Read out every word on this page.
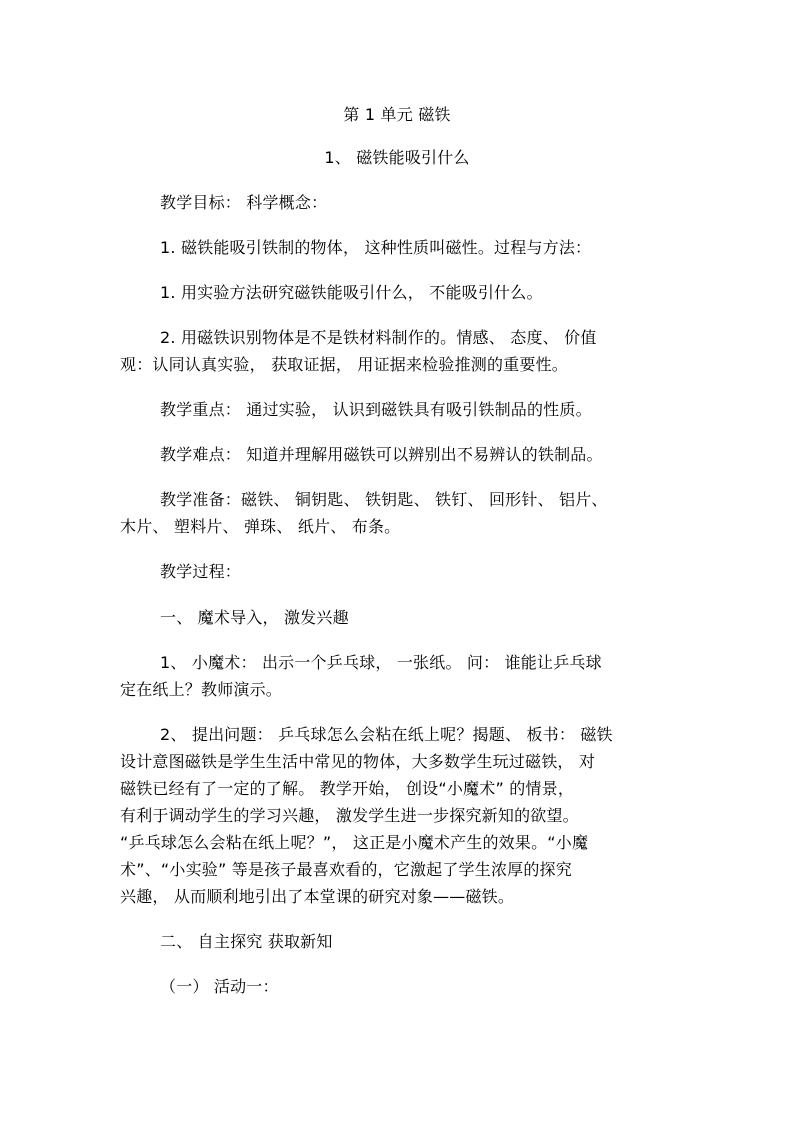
第 1 单元 磁铁
1、 磁铁能吸引什么
教学目标： 科学概念：
1. 磁铁能吸引铁制的物体， 这种性质叫磁性。过程与方法：
1. 用实验方法研究磁铁能吸引什么， 不能吸引什么。
2. 用磁铁识别物体是不是铁材料制作的。情感、 态度、 价值
观：认同认真实验， 获取证据， 用证据来检验推测的重要性。
教学重点： 通过实验， 认识到磁铁具有吸引铁制品的性质。
教学难点： 知道并理解用磁铁可以辨别出不易辨认的铁制品。
教学准备：磁铁、 铜钥匙、 铁钥匙、 铁钉、 回形针、 铝片、
木片、 塑料片、 弹珠、 纸片、 布条。
教学过程：
一、 魔术导入， 激发兴趣
1、 小魔术： 出示一个乒乓球， 一张纸。 问： 谁能让乒乓球
定在纸上？教师演示。
2、 提出问题： 乒乓球怎么会粘在纸上呢？揭题、 板书： 磁铁
设计意图磁铁是学生生活中常见的物体，大多数学生玩过磁铁， 对
磁铁已经有了一定的了解。 教学开始， 创设“小魔术” 的情景，
有利于调动学生的学习兴趣， 激发学生进一步探究新知的欲望。
“乒乓球怎么会粘在纸上呢？”， 这正是小魔术产生的效果。“小魔
术”、“小实验” 等是孩子最喜欢看的，它激起了学生浓厚的探究
兴趣， 从而顺利地引出了本堂课的研究对象——磁铁。
二、 自主探究 获取新知
（一） 活动一：
